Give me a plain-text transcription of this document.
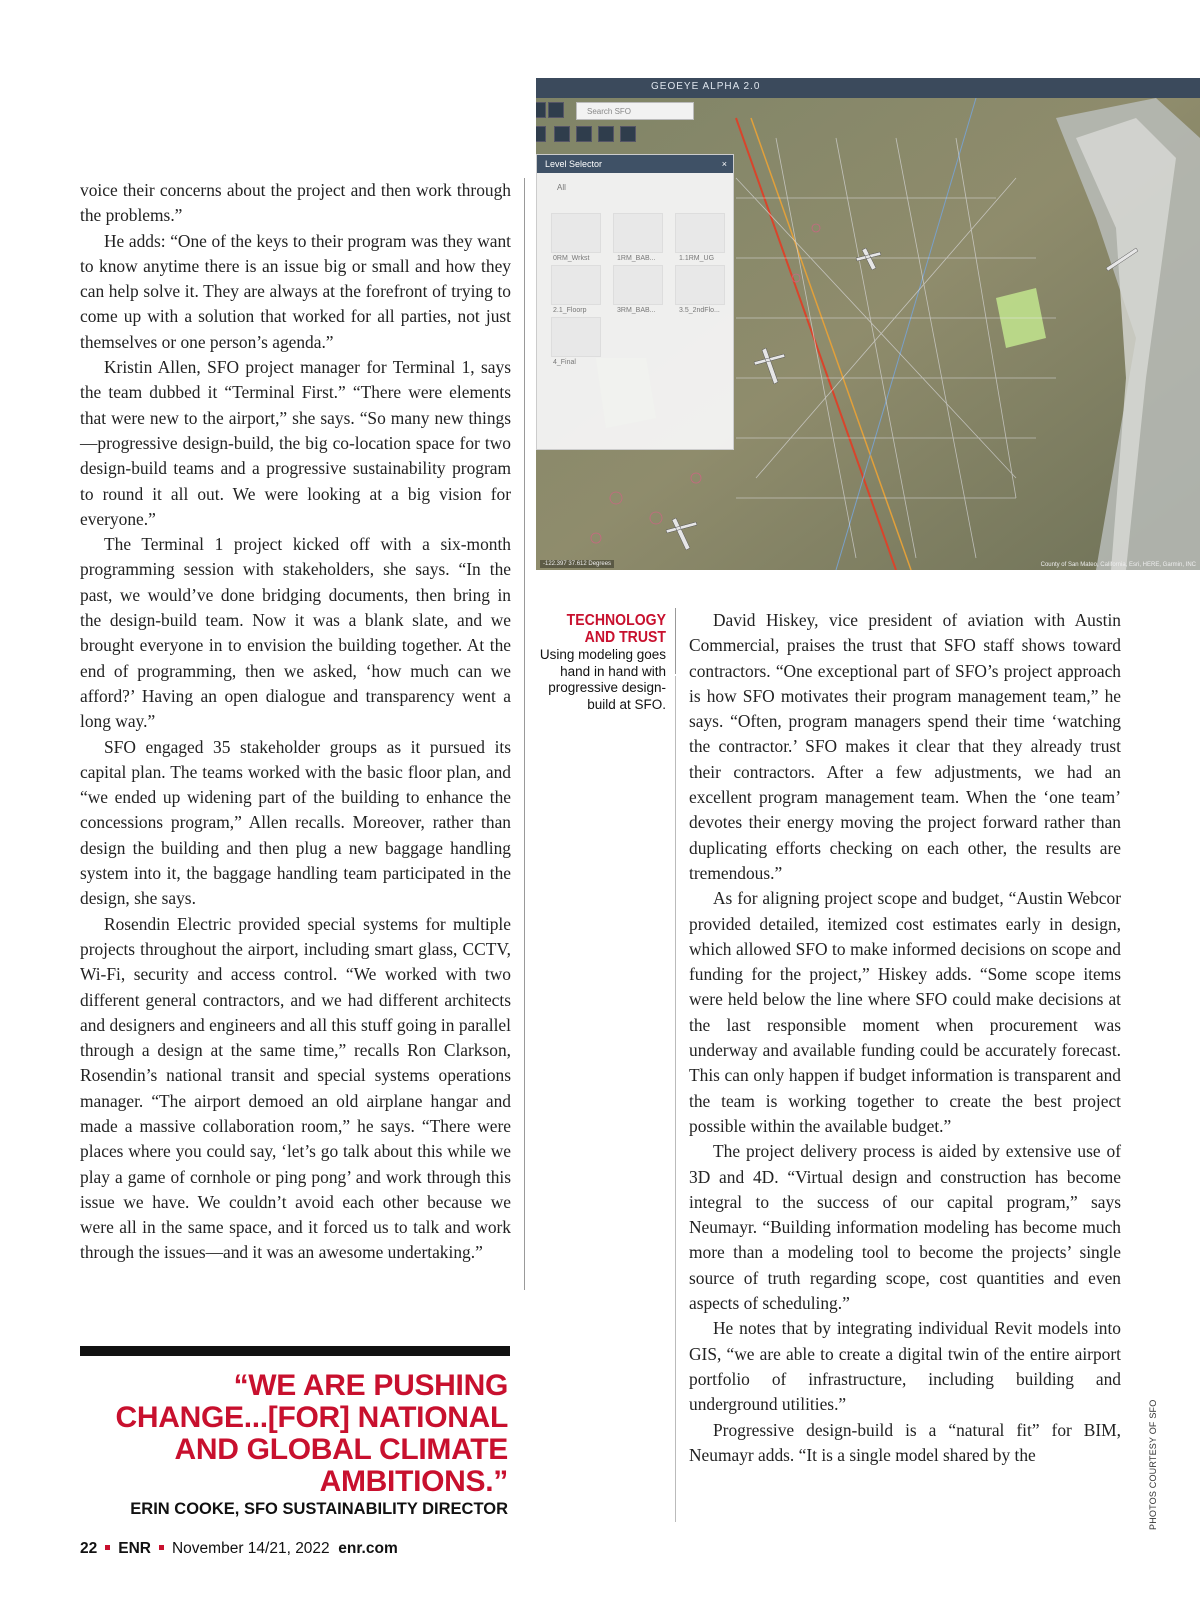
voice their concerns about the project and then work through the problems.”

He adds: “One of the keys to their program was they want to know anytime there is an issue big or small and how they can help solve it. They are always at the forefront of trying to come up with a solution that worked for all parties, not just themselves or one person’s agenda.”

Kristin Allen, SFO project manager for Terminal 1, says the team dubbed it “Terminal First.” “There were elements that were new to the airport,” she says. “So many new things—progressive design-build, the big co-location space for two design-build teams and a progressive sustainability program to round it all out. We were looking at a big vision for everyone.”

The Terminal 1 project kicked off with a six-month programming session with stakeholders, she says. “In the past, we would’ve done bridging documents, then bring in the design-build team. Now it was a blank slate, and we brought everyone in to envision the building together. At the end of programming, then we asked, ‘how much can we afford?’ Having an open dialogue and transparency went a long way.”

SFO engaged 35 stakeholder groups as it pursued its capital plan. The teams worked with the basic floor plan, and “we ended up widening part of the building to enhance the concessions program,” Allen recalls. Moreover, rather than design the building and then plug a new baggage handling system into it, the baggage handling team participated in the design, she says.

Rosendin Electric provided special systems for multiple projects throughout the airport, including smart glass, CCTV, Wi-Fi, security and access control. “We worked with two different general contractors, and we had different architects and designers and engineers and all this stuff going in parallel through a design at the same time,” recalls Ron Clarkson, Rosendin’s national transit and special systems operations manager. “The airport demoed an old airplane hangar and made a massive collaboration room,” he says. “There were places where you could say, ‘let’s go talk about this while we play a game of cornhole or ping pong’ and work through this issue we have. We couldn’t avoid each other because we were all in the same space, and it forced us to talk and work through the issues—and it was an awesome undertaking.”

GEOEYE ALPHA 2.0
Search SFO
Level Selector	×
All
0RM_Wrkst	1RM_BAB...	1.1RM_UG
2.1_Floorp	3RM_BAB...	3.5_2ndFlo...
4_Final
-122.397 37.612 Degrees	County of San Mateo, California, Esri, HERE, Garmin, INC
TECHNOLOGY AND TRUST
Using modeling goes hand in hand with progressive design-build at SFO.

David Hiskey, vice president of aviation with Austin Commercial, praises the trust that SFO staff shows toward contractors. “One exceptional part of SFO’s project approach is how SFO motivates their program management team,” he says. “Often, program managers spend their time ‘watching the contractor.’ SFO makes it clear that they already trust their contractors. After a few adjustments, we had an excellent program management team. When the ‘one team’ devotes their energy moving the project forward rather than duplicating efforts checking on each other, the results are tremendous.”

As for aligning project scope and budget, “Austin Webcor provided detailed, itemized cost estimates early in design, which allowed SFO to make informed decisions on scope and funding for the project,” Hiskey adds. “Some scope items were held below the line where SFO could make decisions at the last responsible moment when procurement was underway and available funding could be accurately forecast. This can only happen if budget information is transparent and the team is working together to create the best project possible within the available budget.”

The project delivery process is aided by extensive use of 3D and 4D. “Virtual design and construction has become integral to the success of our capital program,” says Neumayr. “Building information modeling has become much more than a modeling tool to become the projects’ single source of truth regarding scope, cost quantities and even aspects of scheduling.”

He notes that by integrating individual Revit models into GIS, “we are able to create a digital twin of the entire airport portfolio of infrastructure, including building and underground utilities.”

Progressive design-build is a “natural fit” for BIM, Neumayr adds. “It is a single model shared by the

“WE ARE PUSHING CHANGE...[FOR] NATIONAL AND GLOBAL CLIMATE AMBITIONS.”
ERIN COOKE, SFO SUSTAINABILITY DIRECTOR
22 ENR November 14/21, 2022 enr.com
PHOTOS COURTESY OF SFO
